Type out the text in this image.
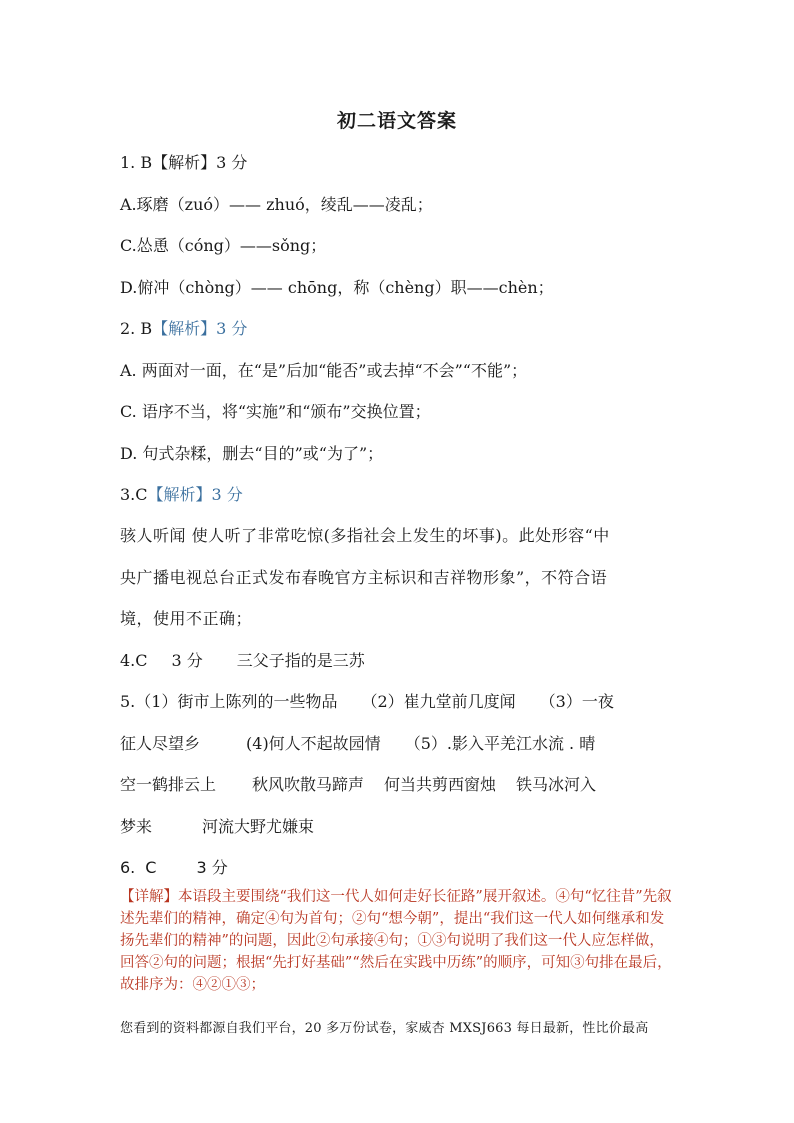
初二语文答案
1. B【解析】3 分
A.琢磨（zuó）—— zhuó，绫乱——凌乱；
C.怂恿（cóng）——sǒng；
D.俯冲（chòng）—— chōng，称（chèng）职——chèn；
2. B【解析】3 分
A. 两面对一面，在“是”后加“能否”或去掉“不会”“不能”；
C. 语序不当，将“实施”和“颁布”交换位置；
D. 句式杂糅，删去“目的”或“为了”；
3.C【解析】3 分
骇人听闻 使人听了非常吃惊(多指社会上发生的坏事)。此处形容“中
央广播电视总台正式发布春晚官方主标识和吉祥物形象”，不符合语
境，使用不正确；
4.C 3 分 三父子指的是三苏
5.（1）街市上陈列的一些物品 （2）崔九堂前几度闻 （3）一夜
征人尽望乡	(4)何人不起故园情 （5）.影入平羌江水流 . 晴
空一鹤排云上 秋风吹散马蹄声 何当共剪西窗烛 铁马冰河入
梦来	河流大野尤嫌束
6. C	3 分
【详解】本语段主要围绕“我们这一代人如何走好长征路”展开叙述。④句“忆往昔”先叙述先辈们的精神，确定④句为首句；②句“想今朝”，提出“我们这一代人如何继承和发扬先辈们的精神”的问题，因此②句承接④句；①③句说明了我们这一代人应怎样做，回答②句的问题；根据“先打好基础”“然后在实践中历练”的顺序，可知③句排在最后，故排序为：④②①③；
您看到的资料都源自我们平台，20 多万份试卷，家威杏 MXSJ663 每日最新，性比价最高
